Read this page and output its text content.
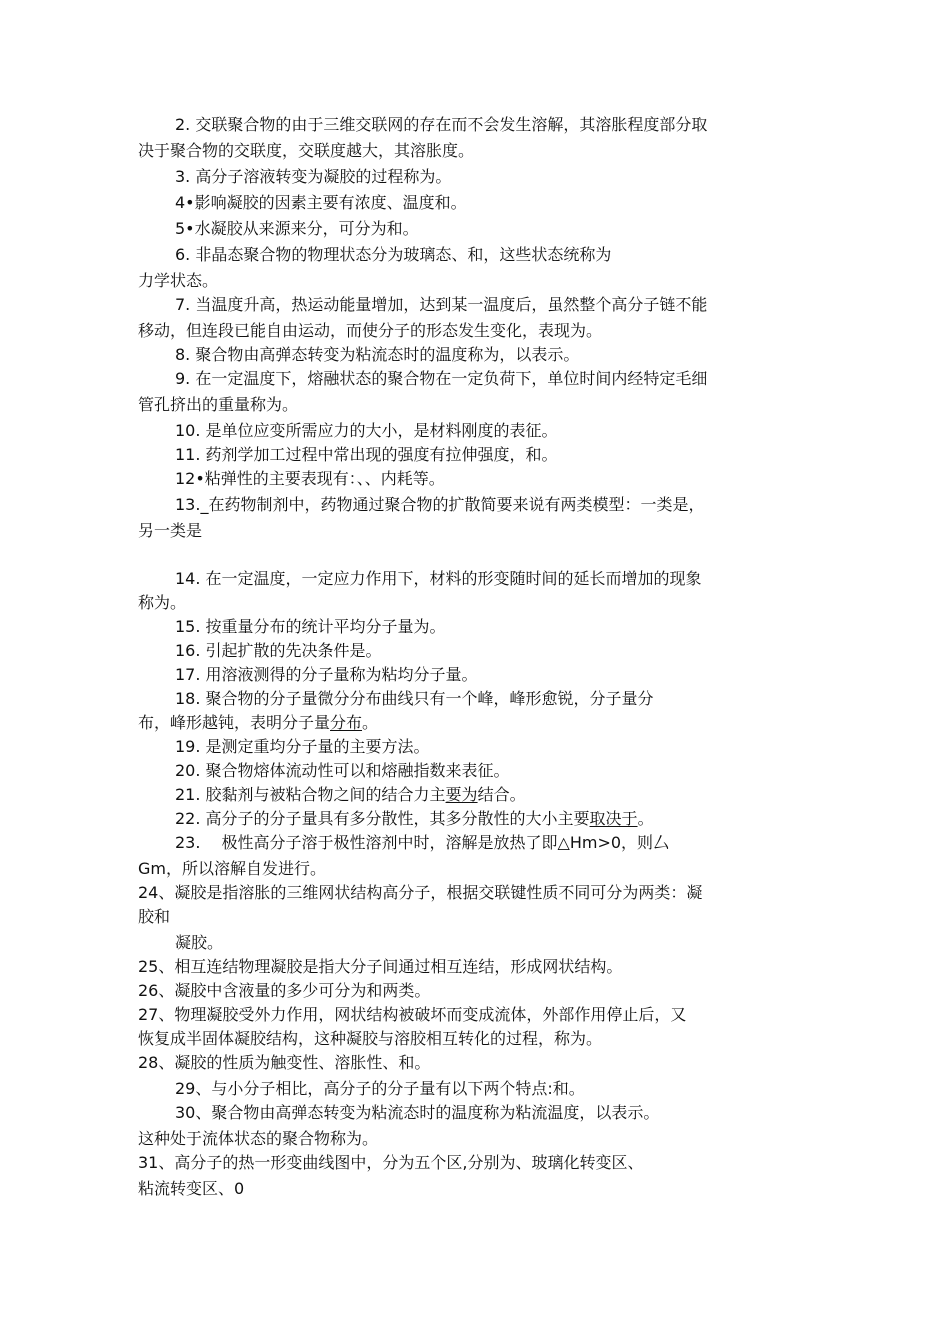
2. 交联聚合物的由于三维交联网的存在而不会发生溶解，其溶胀程度部分取
决于聚合物的交联度，交联度越大，其溶胀度。
3. 高分子溶液转变为凝胶的过程称为。
4•影响凝胶的因素主要有浓度、温度和。
5•水凝胶从来源来分，可分为和。
6. 非晶态聚合物的物理状态分为玻璃态、和，这些状态统称为
力学状态。
7. 当温度升高，热运动能量增加，达到某一温度后，虽然整个高分子链不能
移动，但连段已能自由运动，而使分子的形态发生变化，表现为。
8. 聚合物由高弹态转变为粘流态时的温度称为，以表示。
9. 在一定温度下，熔融状态的聚合物在一定负荷下，单位时间内经特定毛细
管孔挤出的重量称为。
10. 是单位应变所需应力的大小，是材料刚度的表征。
11. 药剂学加工过程中常出现的强度有拉伸强度，和。
12•粘弹性的主要表现有：、、内耗等。
13._在药物制剂中，药物通过聚合物的扩散简要来说有两类模型：一类是，
另一类是
14. 在一定温度，一定应力作用下，材料的形变随时间的延长而增加的现象
称为。
15. 按重量分布的统计平均分子量为。
16. 引起扩散的先决条件是。
17. 用溶液测得的分子量称为粘均分子量。
18. 聚合物的分子量微分分布曲线只有一个峰，峰形愈锐，分子量分
布，峰形越钝，表明分子量分布。
19. 是测定重均分子量的主要方法。
20. 聚合物熔体流动性可以和熔融指数来表征。
21. 胶黏剂与被粘合物之间的结合力主要为结合。
22. 高分子的分子量具有多分散性，其多分散性的大小主要取决于。
23.　 极性高分子溶于极性溶剂中时，溶解是放热了即△Hm>0，则厶
Gm，所以溶解自发进行。
24、凝胶是指溶胀的三维网状结构高分子，根据交联键性质不同可分为两类：凝
胶和
凝胶。
25、相互连结物理凝胶是指大分子间通过相互连结，形成网状结构。
26、凝胶中含液量的多少可分为和两类。
27、物理凝胶受外力作用，网状结构被破坏而变成流体，外部作用停止后，又
恢复成半固体凝胶结构，这种凝胶与溶胶相互转化的过程，称为。
28、凝胶的性质为触变性、溶胀性、和。
29、与小分子相比，高分子的分子量有以下两个特点:和。
30、聚合物由高弹态转变为粘流态时的温度称为粘流温度，以表示。
这种处于流体状态的聚合物称为。
31、高分子的热一形变曲线图中，分为五个区,分别为、玻璃化转变区、
粘流转变区、0
